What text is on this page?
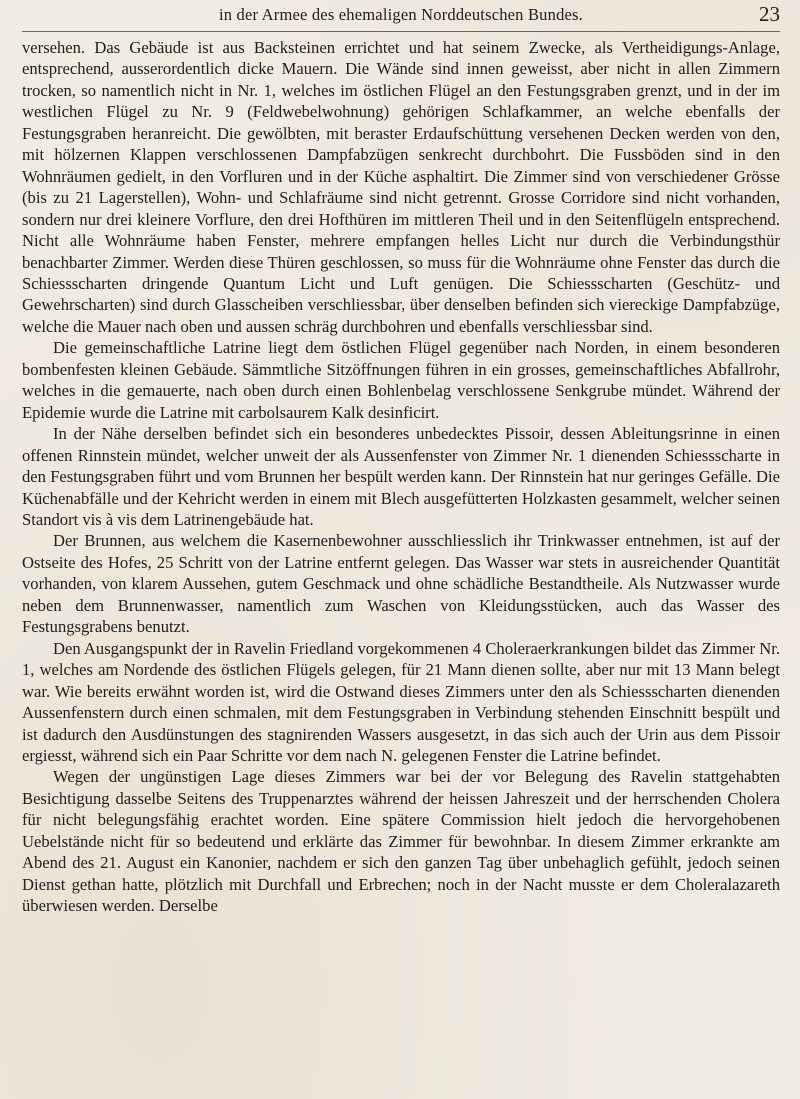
in der Armee des ehemaligen Norddeutschen Bundes.	23

versehen. Das Gebäude ist aus Backsteinen errichtet und hat seinem Zwecke, als Vertheidigungs-Anlage, entsprechend, ausserordentlich dicke Mauern. Die Wände sind innen geweisst, aber nicht in allen Zimmern trocken, so namentlich nicht in Nr. 1, welches im östlichen Flügel an den Festungsgraben grenzt, und in der im westlichen Flügel zu Nr. 9 (Feldwebelwohnung) gehörigen Schlafkammer, an welche ebenfalls der Festungsgraben heranreicht. Die gewölbten, mit beraster Erdaufschüttung versehenen Decken werden von den, mit hölzernen Klappen verschlossenen Dampfabzügen senkrecht durchbohrt. Die Fussböden sind in den Wohnräumen gedielt, in den Vorfluren und in der Küche asphaltirt. Die Zimmer sind von verschiedener Grösse (bis zu 21 Lagerstellen), Wohn- und Schlafräume sind nicht getrennt. Grosse Corridore sind nicht vorhanden, sondern nur drei kleinere Vorflure, den drei Hofthüren im mittleren Theil und in den Seitenflügeln entsprechend. Nicht alle Wohnräume haben Fenster, mehrere empfangen helles Licht nur durch die Verbindungsthür benachbarter Zimmer. Werden diese Thüren geschlossen, so muss für die Wohnräume ohne Fenster das durch die Schiessscharten dringende Quantum Licht und Luft genügen. Die Schiessscharten (Geschütz- und Gewehrscharten) sind durch Glasscheiben verschliessbar, über denselben befinden sich viereckige Dampfabzüge, welche die Mauer nach oben und aussen schräg durchbohren und ebenfalls verschliessbar sind.

Die gemeinschaftliche Latrine liegt dem östlichen Flügel gegenüber nach Norden, in einem besonderen bombenfesten kleinen Gebäude. Sämmtliche Sitzöffnungen führen in ein grosses, gemeinschaftliches Abfallrohr, welches in die gemauerte, nach oben durch einen Bohlenbelag verschlossene Senkgrube mündet. Während der Epidemie wurde die Latrine mit carbolsaurem Kalk desinficirt.

In der Nähe derselben befindet sich ein besonderes unbedecktes Pissoir, dessen Ableitungsrinne in einen offenen Rinnstein mündet, welcher unweit der als Aussenfenster von Zimmer Nr. 1 dienenden Schiessscharte in den Festungsgraben führt und vom Brunnen her bespült werden kann. Der Rinnstein hat nur geringes Gefälle. Die Küchenabfälle und der Kehricht werden in einem mit Blech ausgefütterten Holzkasten gesammelt, welcher seinen Standort vis à vis dem Latrinengebäude hat.

Der Brunnen, aus welchem die Kasernenbewohner ausschliesslich ihr Trinkwasser entnehmen, ist auf der Ostseite des Hofes, 25 Schritt von der Latrine entfernt gelegen. Das Wasser war stets in ausreichender Quantität vorhanden, von klarem Aussehen, gutem Geschmack und ohne schädliche Bestandtheile. Als Nutzwasser wurde neben dem Brunnenwasser, namentlich zum Waschen von Kleidungsstücken, auch das Wasser des Festungsgrabens benutzt.

Den Ausgangspunkt der in Ravelin Friedland vorgekommenen 4 Cholerаerkrankungen bildet das Zimmer Nr. 1, welches am Nordende des östlichen Flügels gelegen, für 21 Mann dienen sollte, aber nur mit 13 Mann belegt war. Wie bereits erwähnt worden ist, wird die Ostwand dieses Zimmers unter den als Schiessscharten dienenden Aussenfenstern durch einen schmalen, mit dem Festungsgraben in Verbindung stehenden Einschnitt bespült und ist dadurch den Ausdünstungen des stagnirenden Wassers ausgesetzt, in das sich auch der Urin aus dem Pissoir ergiesst, während sich ein Paar Schritte vor dem nach N. gelegenen Fenster die Latrine befindet.

Wegen der ungünstigen Lage dieses Zimmers war bei der vor Belegung des Ravelin stattgehabten Besichtigung dasselbe Seitens des Truppenarztes während der heissen Jahreszeit und der herrschenden Cholera für nicht belegungsfähig erachtet worden. Eine spätere Commission hielt jedoch die hervorgehobenen Uebelstände nicht für so bedeutend und erklärte das Zimmer für bewohnbar. In diesem Zimmer erkrankte am Abend des 21. August ein Kanonier, nachdem er sich den ganzen Tag über unbehaglich gefühlt, jedoch seinen Dienst gethan hatte, plötzlich mit Durchfall und Erbrechen; noch in der Nacht musste er dem Choleralazareth überwiesen werden. Derselbe
